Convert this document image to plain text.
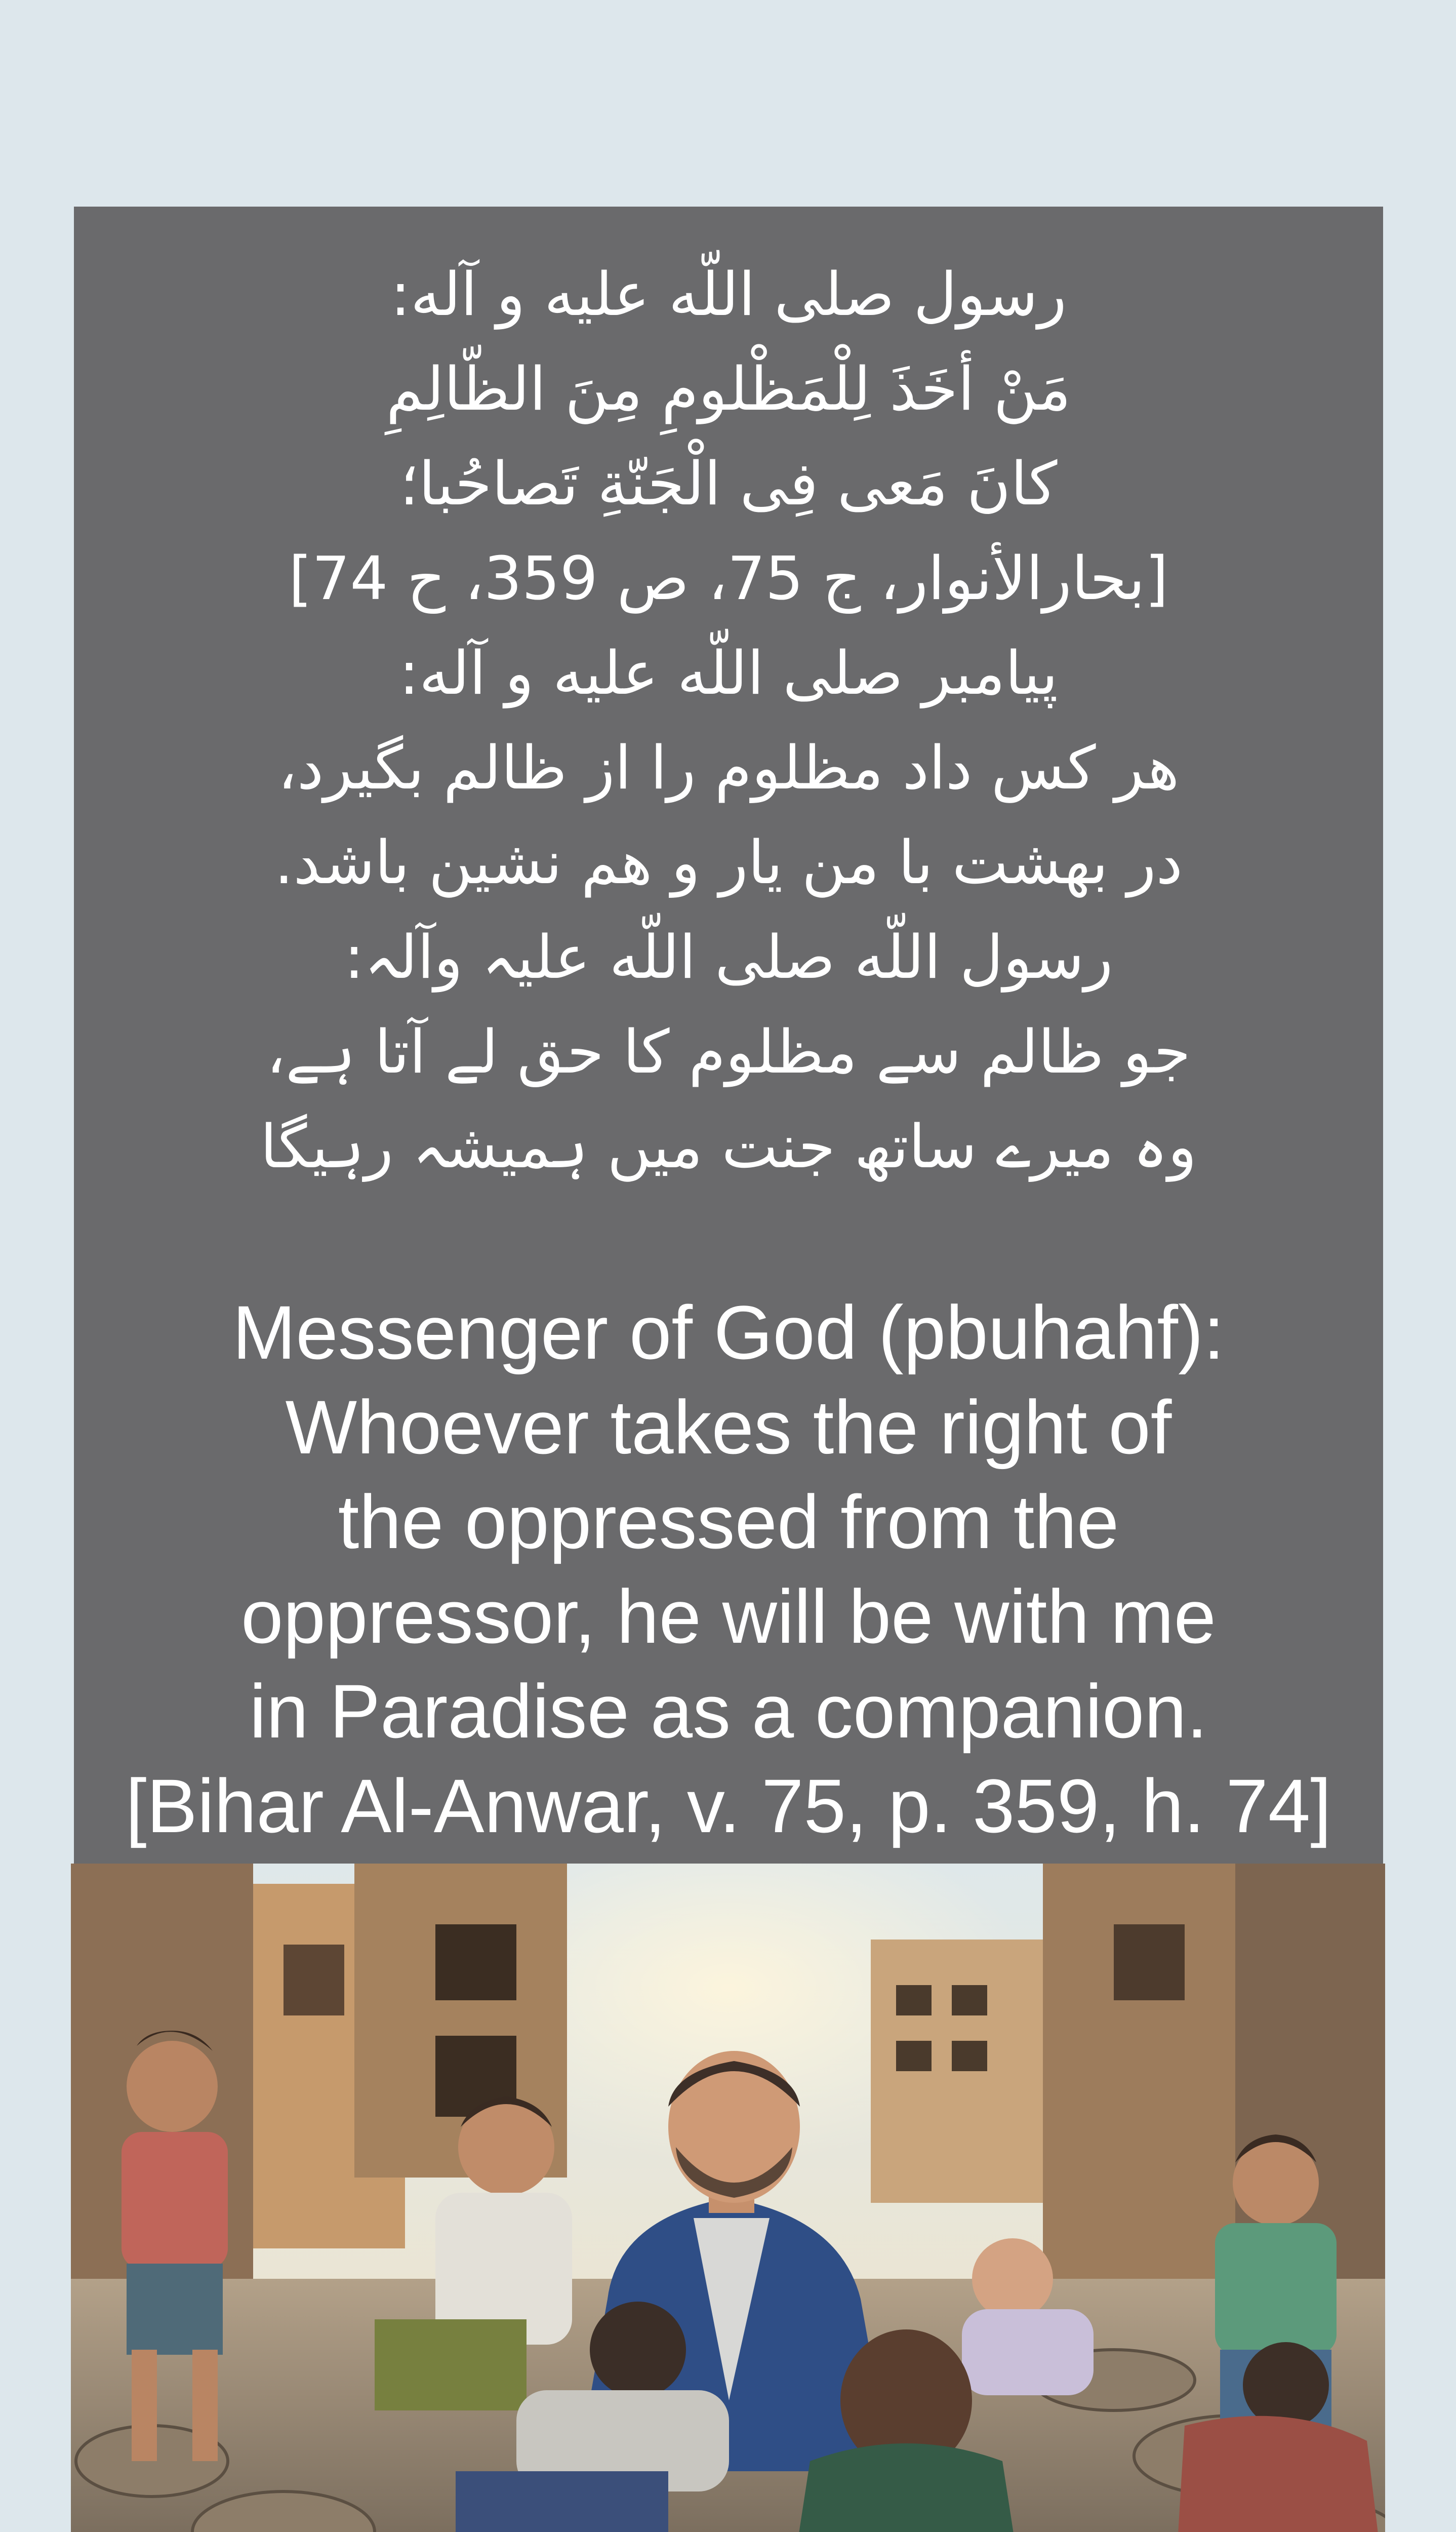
رسول صلی اللّه علیه و آله:
مَنْ أخَذَ لِلْمَظْلومِ مِنَ الظّالِمِ
كانَ مَعى فِى الْجَنّةِ تَصاحُبا؛
[بحارالأنوار، ج 75، ص 359، ح 74]
پیامبر صلی اللّه علیه و آله:
هر کس داد مظلوم را از ظالم بگیرد،
در بهشت با من یار و هم نشین باشد.
رسول اللّه صلی اللّه علیہ وآلہ:
جو ظالم سے مظلوم کا حق لے آتا ہے،
وہ میرے ساتھ جنت میں ہمیشہ رہیگا
Messenger of God (pbuhahf):
Whoever takes the right of
the oppressed from the
oppressor, he will be with me
in Paradise as a companion.
[Bihar Al-Anwar, v. 75, p. 359, h. 74]
